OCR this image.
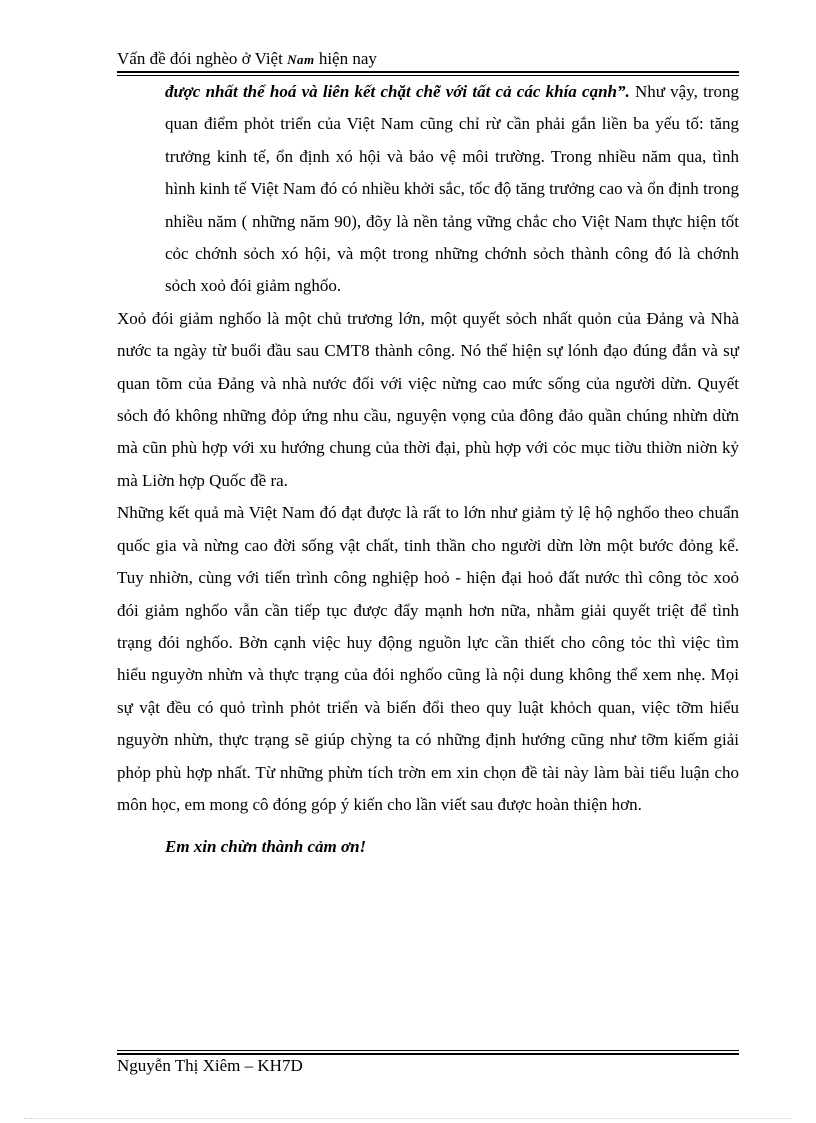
Vấn đề đói nghèo ở Việt Nam hiện nay

được nhất thể hoá và liên kết chặt chẽ với tất cả các khía cạnh”. Như vậy, trong quan điểm phỏt triển của Việt Nam cũng chỉ rừ cần phải gắn liền ba yếu tố: tăng trưởng kinh tế, ổn định xó hội và bảo vệ môi trường. Trong nhiều năm qua, tình hình kinh tế Việt Nam đó có nhiều khởi sắc, tốc độ tăng trưởng cao và ổn định trong nhiều năm ( những năm 90), đõy là nền tảng vững chắc cho Việt Nam thực hiện tốt cỏc chớnh sỏch xó hội, và một trong những chớnh sỏch thành công đó là chớnh sỏch xoỏ đói giảm nghốo.

Xoỏ đói giảm nghốo là một chủ trương lớn, một quyết sỏch nhất quỏn của Đảng và Nhà nước ta ngày từ buổi đầu sau CMT8 thành công. Nó thể hiện sự lónh đạo đúng đắn và sự quan tõm của Đảng và nhà nước đối với việc nừng cao mức sống của người dừn. Quyết sỏch đó không những đỏp ứng nhu cầu, nguyện vọng của đông đảo quần chúng nhừn dừn mà cũn phù hợp với xu hướng chung của thời đại, phù hợp với cỏc mục tiờu thiờn niờn kỷ mà Liờn hợp Quốc đề ra.

Những kết quả mà Việt Nam đó đạt được là rất to lớn như giảm tỷ lệ hộ nghốo theo chuẩn quốc gia và nừng cao đời sống vật chất, tinh thần cho người dừn lờn một bước đỏng kể. Tuy nhiờn, cùng với tiến trình công nghiệp hoỏ - hiện đại hoỏ đất nước thì công tỏc xoỏ đói giảm nghốo vẫn cần tiếp tục được đẩy mạnh hơn nữa, nhằm giải quyết triệt để tình trạng đói nghốo. Bờn cạnh việc huy động nguồn lực cần thiết cho công tỏc thì việc tìm hiểu nguyờn nhừn và thực trạng của đói nghốo cũng là nội dung không thể xem nhẹ. Mọi sự vật đều có quỏ trình phỏt triển và biến đổi theo quy luật khỏch quan, việc tỡm hiểu nguyờn nhừn, thực trạng sẽ giúp chỳng ta có những định hướng cũng như tỡm kiếm giải phỏp phù hợp nhất. Từ những phừn tích trờn em xin chọn đề tài này làm bài tiểu luận cho môn học, em mong cô đóng góp ý kiến cho lần viết sau được hoàn thiện hơn.

Em xin chừn thành cảm ơn!

Nguyễn Thị Xiêm – KH7D
